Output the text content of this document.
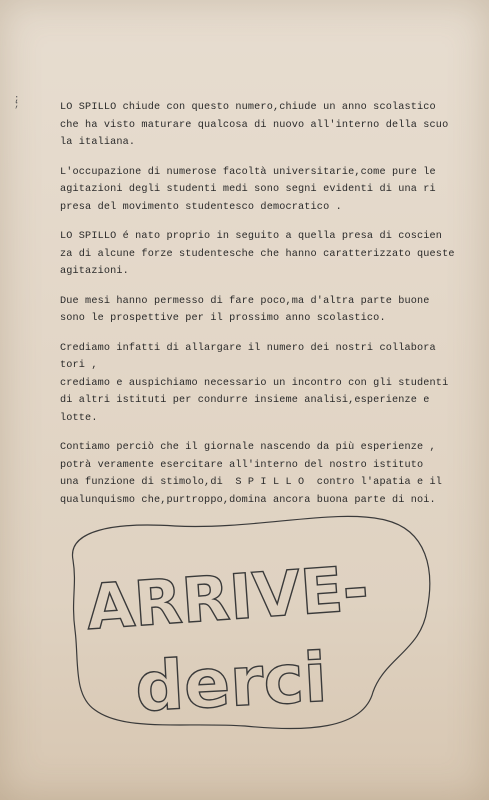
; ;	LO SPILLO chiude con questo numero,chiude un anno scolastico
che ha visto maturare qualcosa di nuovo all'interno della scuo
la italiana.
L'occupazione di numerose facoltà universitarie,come pure le
agitazioni degli studenti medi sono segni evidenti di una ri
presa del movimento studentesco democratico .
LO SPILLO é nato proprio in seguito a quella presa di coscien
za di alcune forze studentesche che hanno caratterizzato queste
agitazioni.
Due mesi hanno permesso di fare poco,ma d'altra parte buone
sono le prospettive per il prossimo anno scolastico.
Crediamo infatti di allargare il numero dei nostri collabora
tori ,
crediamo e auspichiamo necessario un incontro con gli studenti
di altri istituti per condurre insieme analisi,esperienze e
lotte.
Contiamo perciò che il giornale nascendo da più esperienze ,
potrà veramente esercitare all'interno del nostro istituto
una funzione di stimolo,di  S P I L L O  contro l'apatia e il
qualunquismo che,purtroppo,domina ancora buona parte di noi.
ARRIVE-
derci
